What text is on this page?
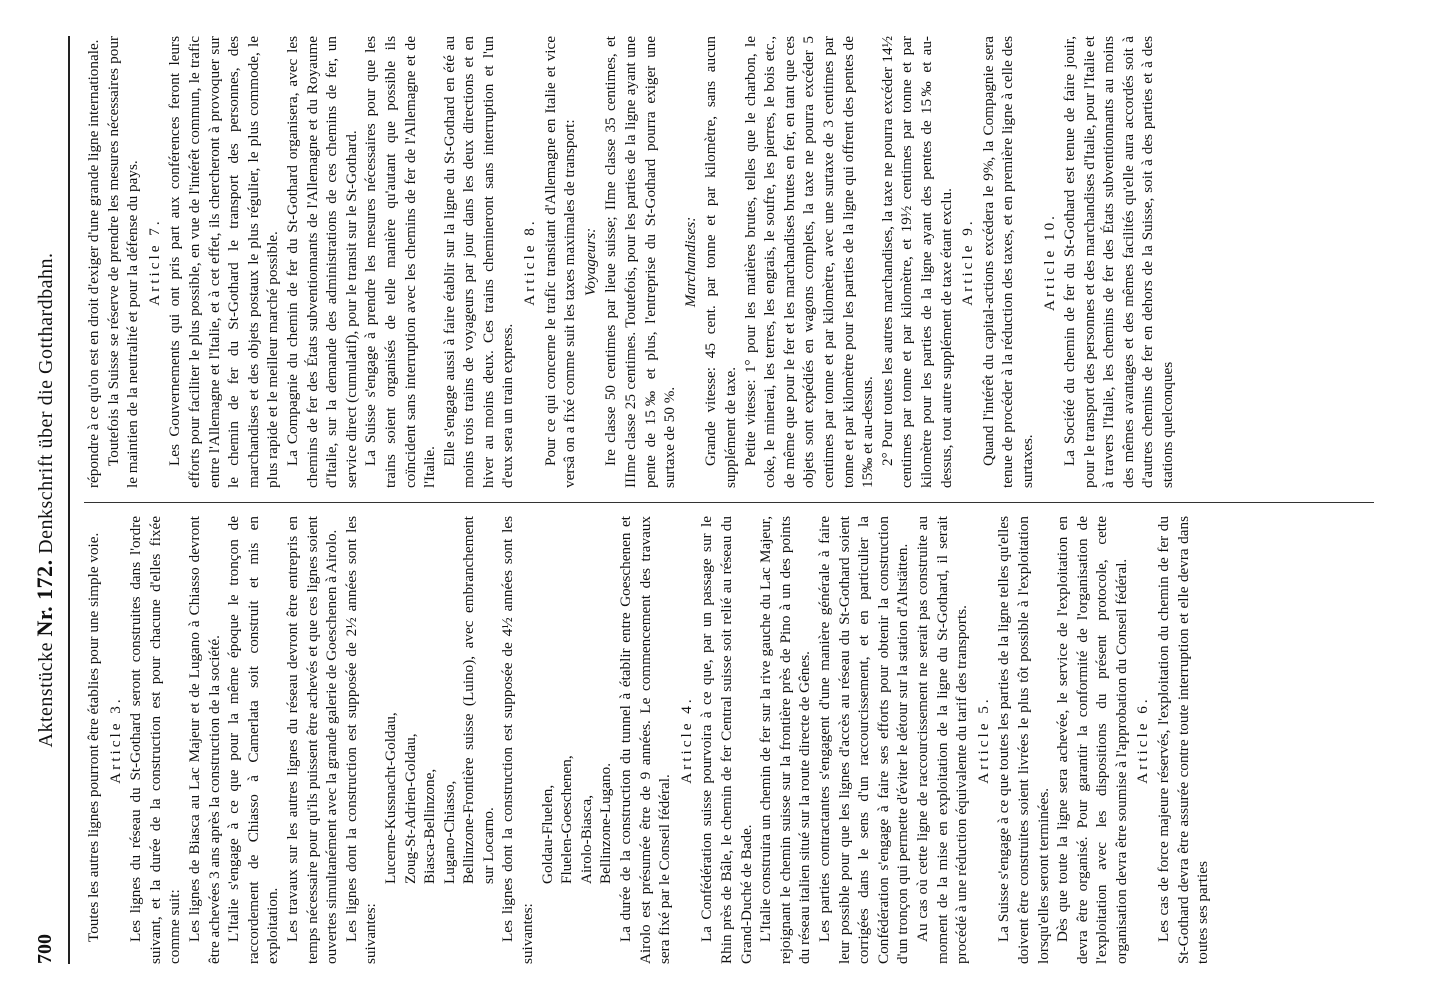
700
Aktenstücke Nr. 172. Denkschrift über die Gotthardbahn.

Toutes les autres lignes pourront être établies pour une simple voie. Article 3. Les lignes du réseau du St-Gothard seront construites dans l'ordre suivant, et la durée de la construction est pour chacune d'elles fixée comme suit: Les lignes de Biasca au Lac Majeur et de Lugano à Chiasso devront être achevées 3 ans après la construction de la société. L'Italie s'engage à ce que pour la même époque le tronçon de raccordement de Chiasso à Camerlata soit construit et mis en exploitation. Les travaux sur les autres lignes du réseau devront être entrepris en temps nécessaire pour qu'ils puissent être achevés et que ces lignes soient ouvertes simultanément avec la grande galerie de Goeschenen à Airolo. Les lignes dont la construction est supposée de 2½ années sont les suivantes:

Lucerne-Kussnacht-Goldau, Zoug-St-Adrien-Goldau, Biasca-Bellinzone, Lugano-Chiasso, Bellinzone-Frontière suisse (Luino), avec embranchement sur Locarno. Les lignes dont la construction est supposée de 4½ années sont les suivantes:

Goldau-Fluelen, Fluelen-Goeschenen, Airolo-Biasca, Bellinzone-Lugano. La durée de la construction du tunnel à établir entre Goeschenen et Airolo est présumée être de 9 années. Le commencement des travaux sera fixé par le Conseil fédéral.

Article 4. La Confédération suisse pourvoira à ce que, par un passage sur le Rhin près de Bâle, le chemin de fer Central suisse soit relié au réseau du Grand-Duché de Bade. L'Italie construira un chemin de fer sur la rive gauche du Lac Majeur, rejoignant le chemin suisse sur la frontière près de Pino à un des points du réseau italien situé sur la route directe de Gênes. Les parties contractantes s'engagent d'une manière générale à faire leur possible pour que les lignes d'accès au réseau du St-Gothard soient corrigées dans le sens d'un raccourcissement, et en particulier la Confédération s'engage à faire ses efforts pour obtenir la construction d'un tronçon qui permette d'éviter le détour sur la station d'Altstätten. Au cas où cette ligne de raccourcissement ne serait pas construite au moment de la mise en exploitation de la ligne du St-Gothard, il serait procédé à une réduction équivalente du tarif des transports. Article 5. La Suisse s'engage à ce que toutes les parties de la ligne telles qu'elles doivent être construites soient livrées le plus tôt possible à l'exploitation lorsqu'elles seront terminées. Dès que toute la ligne sera achevée, le service de l'exploitation en devra être organisé. Pour garantir la conformité de l'organisation de l'exploitation avec les dispositions du présent protocole, cette organisation devra être soumise à l'approbation du Conseil fédéral. Article 6. Les cas de force majeure réservés, l'exploitation du chemin de fer du St-Gothard devra être assurée contre toute interruption et elle devra dans toutes ses parties

répondre à ce qu'on est en droit d'exiger d'une grande ligne internationale. Toutefois la Suisse se réserve de prendre les mesures nécessaires pour le maintien de la neutralité et pour la défense du pays. Article 7. Les Gouvernements qui ont pris part aux conférences feront leurs efforts pour faciliter le plus possible, en vue de l'intérêt commun, le trafic entre l'Allemagne et l'Italie, et à cet effet, ils chercheront à provoquer sur le chemin de fer du St-Gothard le transport des personnes, des marchandises et des objets postaux le plus régulier, le plus commode, le plus rapide et le meilleur marché possible. La Compagnie du chemin de fer du St-Gothard organisera, avec les chemins de fer des États subventionnants de l'Allemagne et du Royaume d'Italie, sur la demande des administrations de ces chemins de fer, un service direct (cumulatif), pour le transit sur le St-Gothard. La Suisse s'engage à prendre les mesures nécessaires pour que les trains soient organisés de telle manière qu'autant que possible ils coïncident sans interruption avec les chemins de fer de l'Allemagne et de l'Italie.

Elle s'engage aussi à faire établir sur la ligne du St-Gothard en été au moins trois trains de voyageurs par jour dans les deux directions et en hiver au moins deux. Ces trains chemineront sans interruption et l'un d'eux sera un train express.

Article 8. Pour ce qui concerne le trafic transitant d'Allemagne en Italie et vice versâ on a fixé comme suit les taxes maximales de transport: Voyageurs: Ire classe 50 centimes par lieue suisse; IIme classe 35 centimes, et IIIme classe 25 centimes. Toutefois, pour les parties de la ligne ayant une pente de 15‰ et plus, l'entreprise du St-Gothard pourra exiger une surtaxe de 50 %.

Marchandises: Grande vitesse: 45 cent. par tonne et par kilomètre, sans aucun supplément de taxe. Petite vitesse: 1° pour les matières brutes, telles que le charbon, le coke, le minerai, les terres, les engrais, le soufre, les pierres, le bois etc., de même que pour le fer et les marchandises brutes en fer, en tant que ces objets sont expédiés en wagons complets, la taxe ne pourra excéder 5 centimes par tonne et par kilomètre, avec une surtaxe de 3 centimes par tonne et par kilomètre pour les parties de la ligne qui offrent des pentes de 15‰ et au-dessus. 2° Pour toutes les autres marchandises, la taxe ne pourra excéder 14½ centimes par tonne et par kilomètre, et 19½ centimes par tonne et par kilomètre pour les parties de la ligne ayant des pentes de 15‰ et au-dessus, tout autre supplément de taxe étant exclu. Article 9. Quand l'intérêt du capital-actions excédera le 9%, la Compagnie sera tenue de procéder à la réduction des taxes, et en première ligne à celle des surtaxes.

Article 10. La Société du chemin de fer du St-Gothard est tenue de faire jouir, pour le transport des personnes et des marchandises d'Italie, pour l'Italie et à travers l'Italie, les chemins de fer des États subventionnants au moins des mêmes avantages et des mêmes facilités qu'elle aura accordés soit à d'autres chemins de fer en dehors de la Suisse, soit à des parties et à des stations quelconques
